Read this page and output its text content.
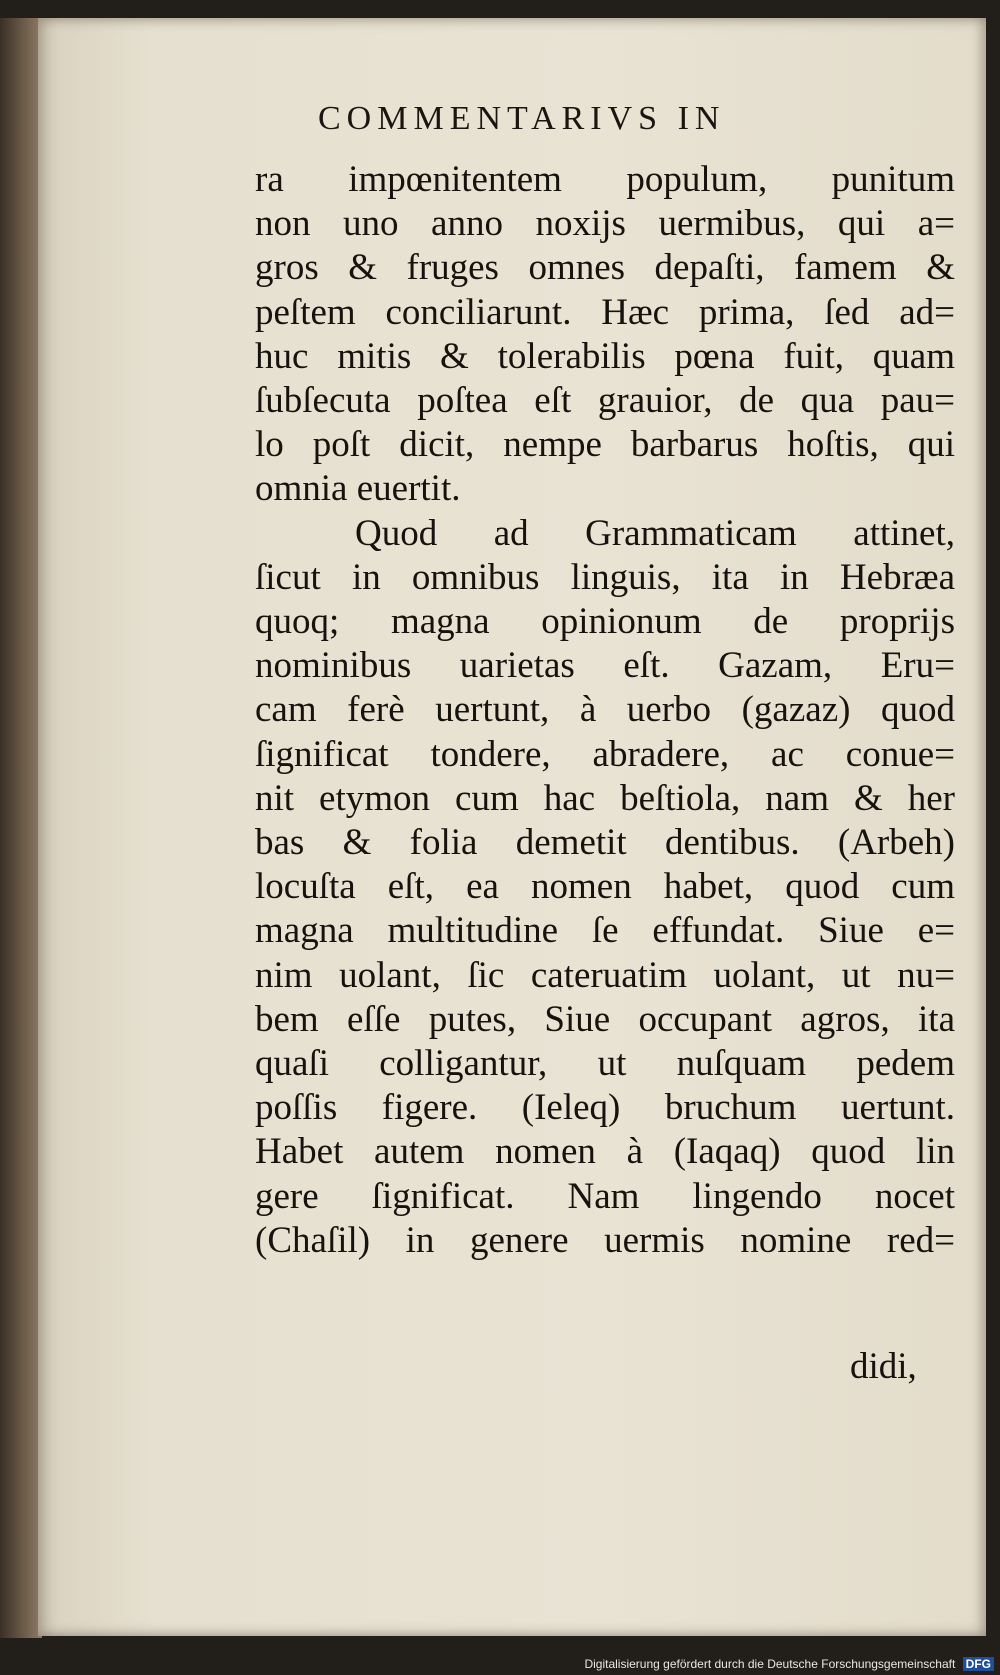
COMMENTARIVS IN
ra impœnitentem populum, punitum
non uno anno noxijs uermibus, qui a=
gros & fruges omnes depaſti, famem &
peſtem conciliarunt. Hæc prima, ſed ad=
huc mitis & tolerabilis pœna fuit, quam
ſubſecuta poſtea eſt grauior, de qua pau=
lo poſt dicit, nempe barbarus hoſtis, qui
omnia euertit.
Quod ad Grammaticam attinet,
ſicut in omnibus linguis, ita in Hebræa
quoq; magna opinionum de proprijs
nominibus uarietas eſt. Gazam, Eru=
cam ferè uertunt, à uerbo (gazaz) quod
ſignificat tondere, abradere, ac conue=
nit etymon cum hac beſtiola, nam & her
bas & folia demetit dentibus. (Arbeh)
locuſta eſt, ea nomen habet, quod cum
magna multitudine ſe effundat. Siue e=
nim uolant, ſic cateruatim uolant, ut nu=
bem eſſe putes, Siue occupant agros, ita
quaſi colligantur, ut nuſquam pedem
poſſis figere. (Ieleq) bruchum uertunt.
Habet autem nomen à (Iaqaq) quod lin
gere ſignificat. Nam lingendo nocet
(Chaſil) in genere uermis nomine red=
didi,
Digitalisierung gefördert durch die Deutsche Forschungsgemeinschaft DFG
